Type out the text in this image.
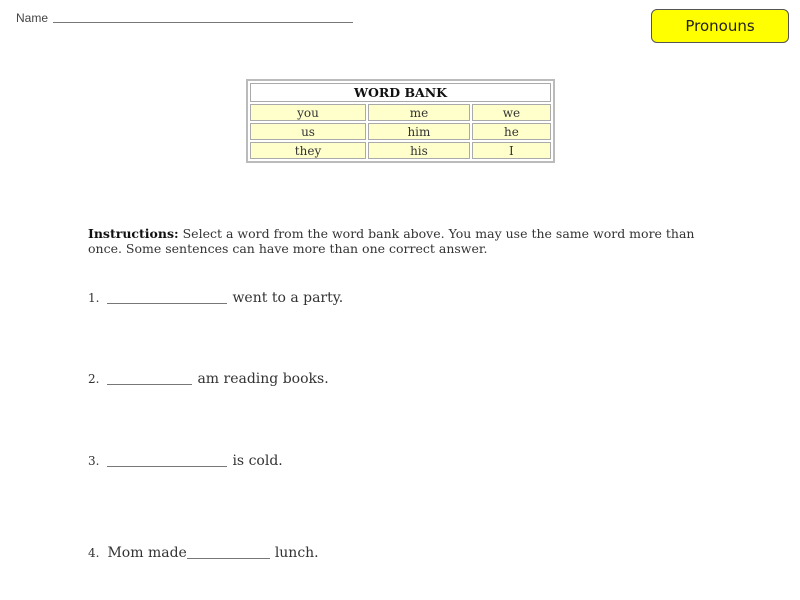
Name	Pronouns
WORD BANK		
you	me	we
us	him	he
they	his	I
Instructions: Select a word from the word bank above. You may use the same word more than once. Some sentences can have more than one correct answer.
1.	went to a party.
2.	am reading books.
3.	is cold.
4. Mom made	lunch.
